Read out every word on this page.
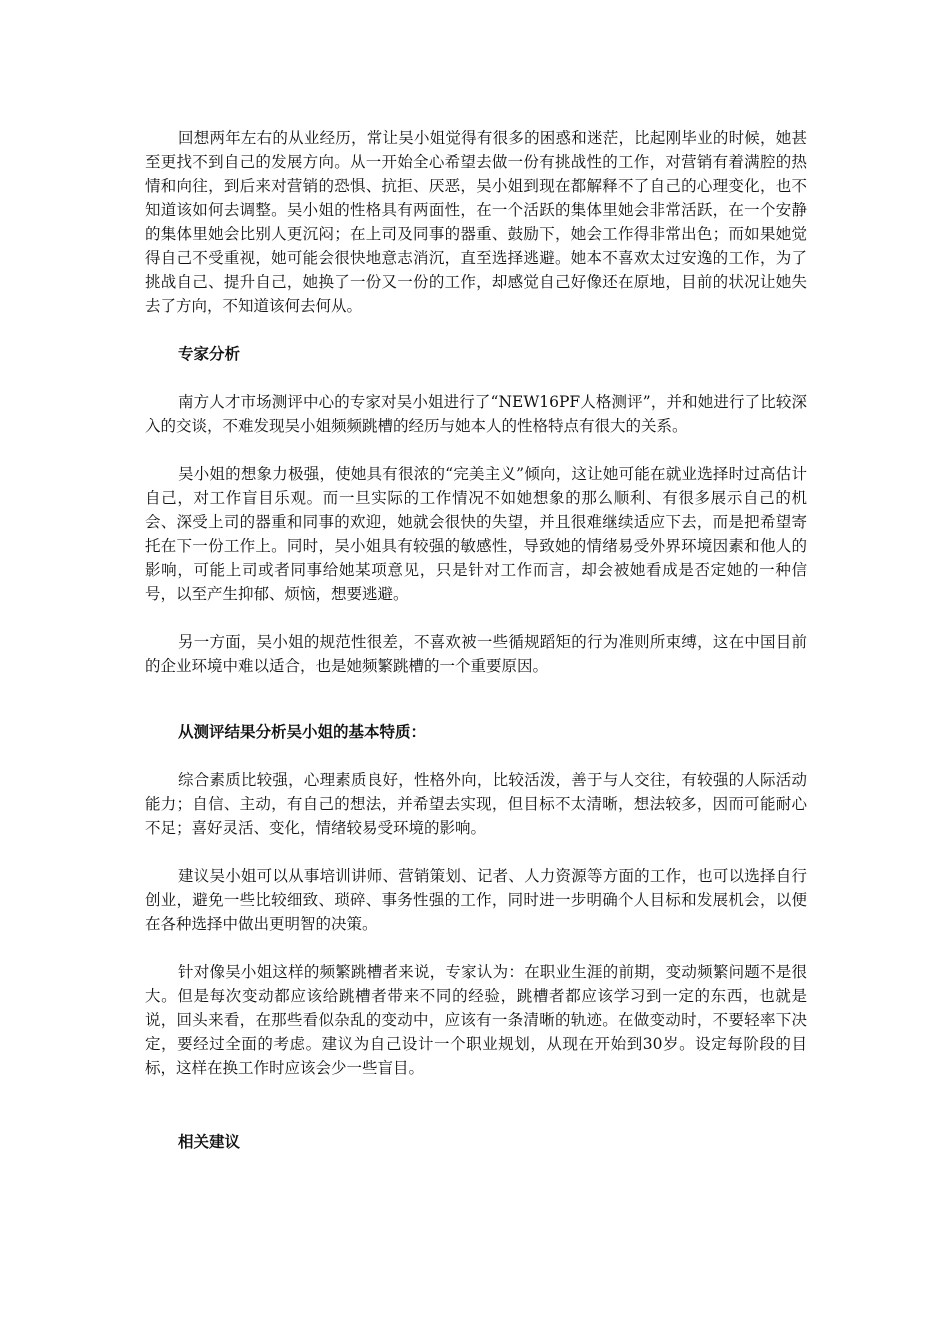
回想两年左右的从业经历，常让吴小姐觉得有很多的困惑和迷茫，比起刚毕业的时候，她甚至更找不到自己的发展方向。从一开始全心希望去做一份有挑战性的工作，对营销有着满腔的热情和向往，到后来对营销的恐惧、抗拒、厌恶，吴小姐到现在都解释不了自己的心理变化，也不知道该如何去调整。吴小姐的性格具有两面性，在一个活跃的集体里她会非常活跃，在一个安静的集体里她会比别人更沉闷；在上司及同事的器重、鼓励下，她会工作得非常出色；而如果她觉得自己不受重视，她可能会很快地意志消沉，直至选择逃避。她本不喜欢太过安逸的工作，为了挑战自己、提升自己，她换了一份又一份的工作，却感觉自己好像还在原地，目前的状况让她失去了方向，不知道该何去何从。

专家分析

南方人才市场测评中心的专家对吴小姐进行了“NEW16PF人格测评”，并和她进行了比较深入的交谈，不难发现吴小姐频频跳槽的经历与她本人的性格特点有很大的关系。

吴小姐的想象力极强，使她具有很浓的“完美主义”倾向，这让她可能在就业选择时过高估计自己，对工作盲目乐观。而一旦实际的工作情况不如她想象的那么顺利、有很多展示自己的机会、深受上司的器重和同事的欢迎，她就会很快的失望，并且很难继续适应下去，而是把希望寄托在下一份工作上。同时，吴小姐具有较强的敏感性，导致她的情绪易受外界环境因素和他人的影响，可能上司或者同事给她某项意见，只是针对工作而言，却会被她看成是否定她的一种信号，以至产生抑郁、烦恼，想要逃避。

另一方面，吴小姐的规范性很差，不喜欢被一些循规蹈矩的行为准则所束缚，这在中国目前的企业环境中难以适合，也是她频繁跳槽的一个重要原因。

从测评结果分析吴小姐的基本特质：

综合素质比较强，心理素质良好，性格外向，比较活泼，善于与人交往，有较强的人际活动能力；自信、主动，有自己的想法，并希望去实现，但目标不太清晰，想法较多，因而可能耐心不足；喜好灵活、变化，情绪较易受环境的影响。

建议吴小姐可以从事培训讲师、营销策划、记者、人力资源等方面的工作，也可以选择自行创业，避免一些比较细致、琐碎、事务性强的工作，同时进一步明确个人目标和发展机会，以便在各种选择中做出更明智的决策。

针对像吴小姐这样的频繁跳槽者来说，专家认为：在职业生涯的前期，变动频繁问题不是很大。但是每次变动都应该给跳槽者带来不同的经验，跳槽者都应该学习到一定的东西，也就是说，回头来看，在那些看似杂乱的变动中，应该有一条清晰的轨迹。在做变动时，不要轻率下决定，要经过全面的考虑。建议为自己设计一个职业规划，从现在开始到30岁。设定每阶段的目标，这样在换工作时应该会少一些盲目。

相关建议
